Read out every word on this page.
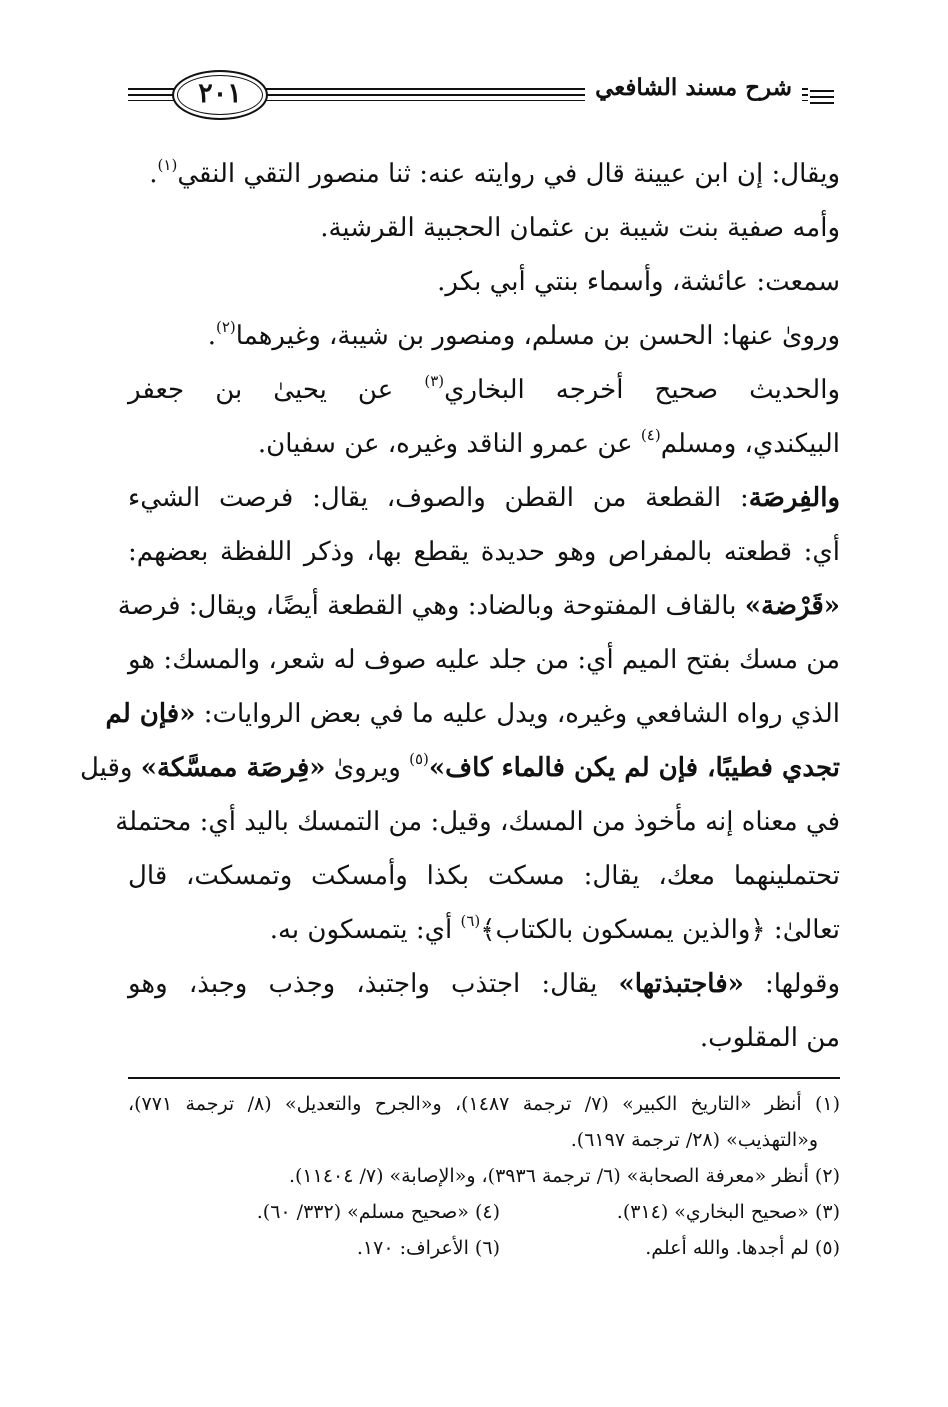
شرح مسند الشافعي
٢٠١
ويقال: إن ابن عيينة قال في روايته عنه: ثنا منصور التقي النقي$^{(١)}$.
وأمه صفية بنت شيبة بن عثمان الحجبية القرشية.
سمعت: عائشة، وأسماء بنتي أبي بكر.
ورویٰ عنها: الحسن بن مسلم، ومنصور بن شيبة، وغيرهما$^{(٢)}$.
والحديث صحيح أخرجه البخاري$^{(٣)}$ عن يحيىٰ بن جعفر
البيكندي، ومسلم$^{(٤)}$ عن عمرو الناقد وغيره، عن سفيان.
والفِرصَة: القطعة من القطن والصوف، يقال: فرصت الشيء
أي: قطعته بالمفراص وهو حديدة يقطع بها، وذكر اللفظة بعضهم:
«قَرْضة» بالقاف المفتوحة وبالضاد: وهي القطعة أيضًا، ويقال: فرصة
من مسك بفتح الميم أي: من جلد عليه صوف له شعر، والمسك: هو
الذي رواه الشافعي وغيره، ويدل عليه ما في بعض الروايات: «فإن لم
تجدي فطيبًا، فإن لم يكن فالماء كاف»$^{(٥)}$ ويرویٰ «فِرصَة ممسَّكة» وقيل
في معناه إنه مأخوذ من المسك، وقيل: من التمسك باليد أي: محتملة
تحتملينهما معك، يقال: مسكت بكذا وأمسكت وتمسكت، قال
تعالىٰ: ﴿والذين يمسكون بالكتاب﴾$^{(٦)}$ أي: يتمسكون به.
وقولها: «فاجتبذتها» يقال: اجتذب واجتبذ، وجذب وجبذ، وهو
من المقلوب.
(١) أنظر «التاريخ الكبير» (٧/ ترجمة ١٤٨٧)، و«الجرح والتعديل» (٨/ ترجمة ٧٧١)،
و«التهذيب» (٢٨/ ترجمة ٦١٩٧).
(٢) أنظر «معرفة الصحابة» (٦/ ترجمة ٣٩٣٦)، و«الإصابة» (٧/ ١١٤٠٤).
(٣) «صحيح البخاري» (٣١٤).
(٤) «صحيح مسلم» (٣٣٢/ ٦٠).
(٥) لم أجدها. والله أعلم.
(٦) الأعراف: ١٧٠.
